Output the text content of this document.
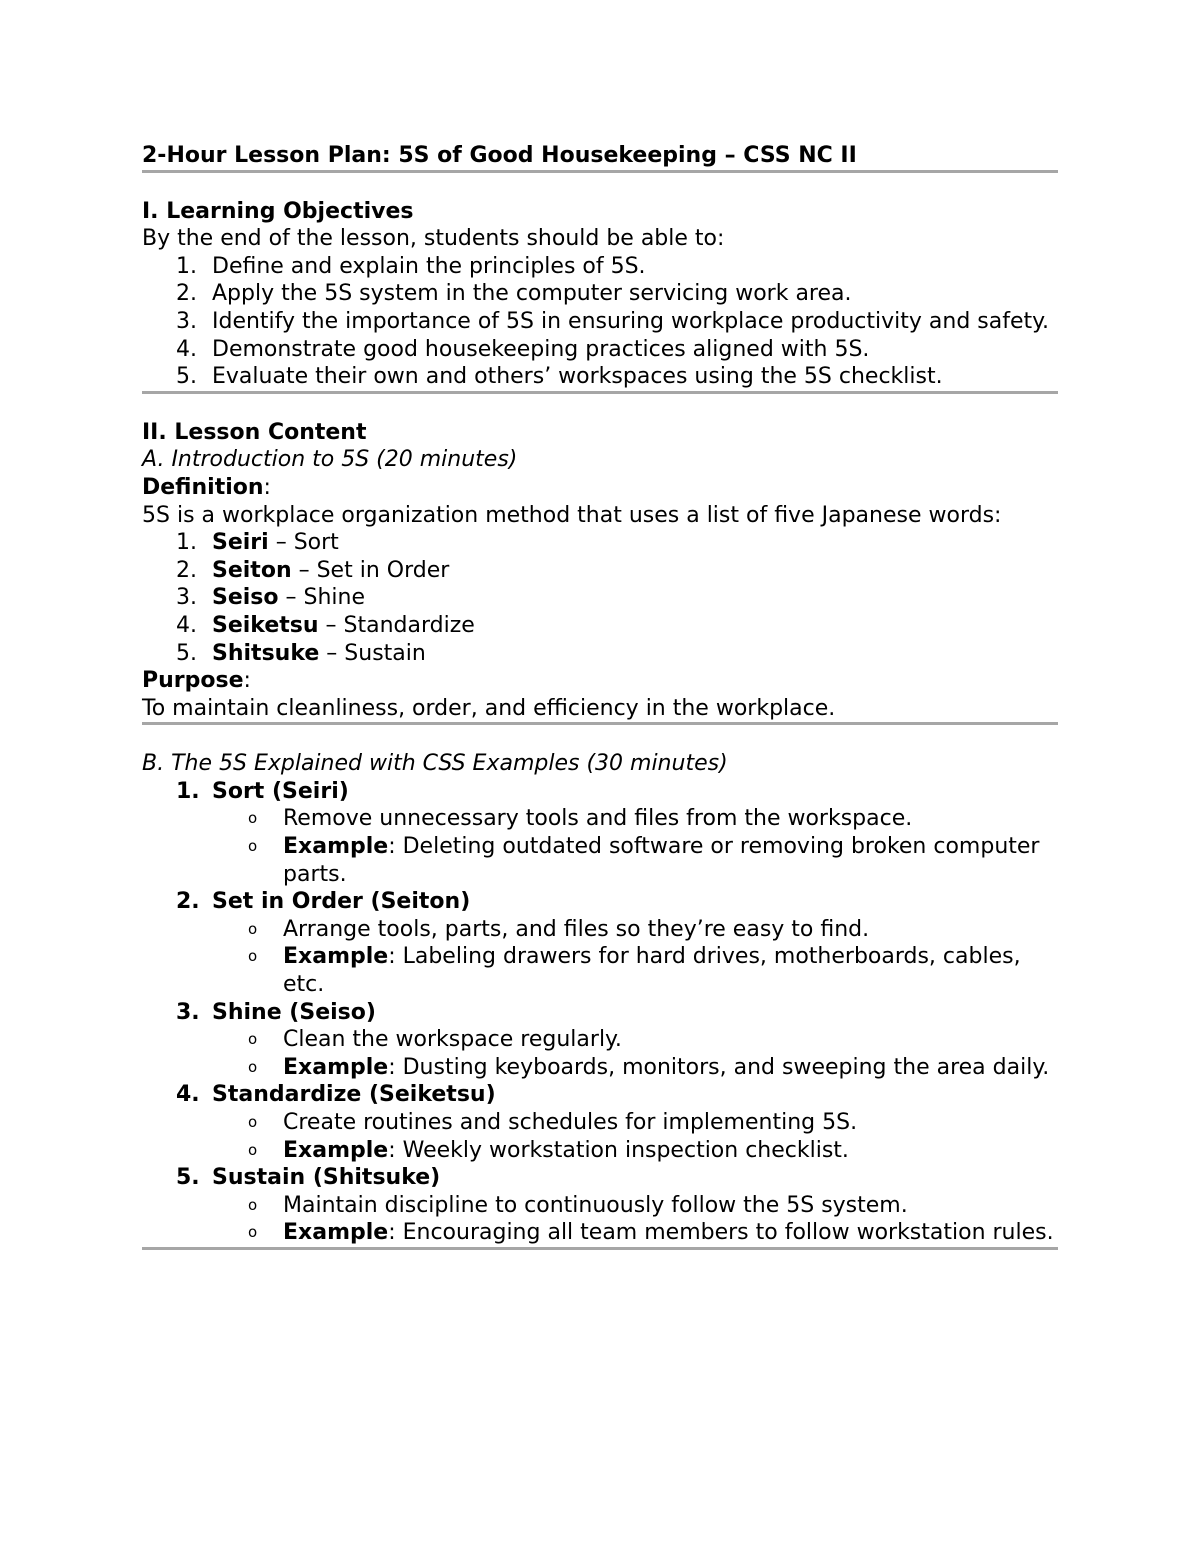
2-Hour Lesson Plan: 5S of Good Housekeeping – CSS NC II

I. Learning Objectives

By the end of the lesson, students should be able to:

1. Define and explain the principles of 5S.
2. Apply the 5S system in the computer servicing work area.
3. Identify the importance of 5S in ensuring workplace productivity and safety.
4. Demonstrate good housekeeping practices aligned with 5S.
5. Evaluate their own and others’ workspaces using the 5S checklist.

II. Lesson Content

A. Introduction to 5S (20 minutes)

Definition:

5S is a workplace organization method that uses a list of five Japanese words:

1. Seiri – Sort
2. Seiton – Set in Order
3. Seiso – Shine
4. Seiketsu – Standardize
5. Shitsuke – Sustain

Purpose:

To maintain cleanliness, order, and efficiency in the workplace.

B. The 5S Explained with CSS Examples (30 minutes)

1. Sort (Seiri)
o Remove unnecessary tools and files from the workspace.
o Example: Deleting outdated software or removing broken computer parts.
2. Set in Order (Seiton)
o Arrange tools, parts, and files so they’re easy to find.
o Example: Labeling drawers for hard drives, motherboards, cables, etc.
3. Shine (Seiso)
o Clean the workspace regularly.
o Example: Dusting keyboards, monitors, and sweeping the area daily.
4. Standardize (Seiketsu)
o Create routines and schedules for implementing 5S.
o Example: Weekly workstation inspection checklist.
5. Sustain (Shitsuke)
o Maintain discipline to continuously follow the 5S system.
o Example: Encouraging all team members to follow workstation rules.
